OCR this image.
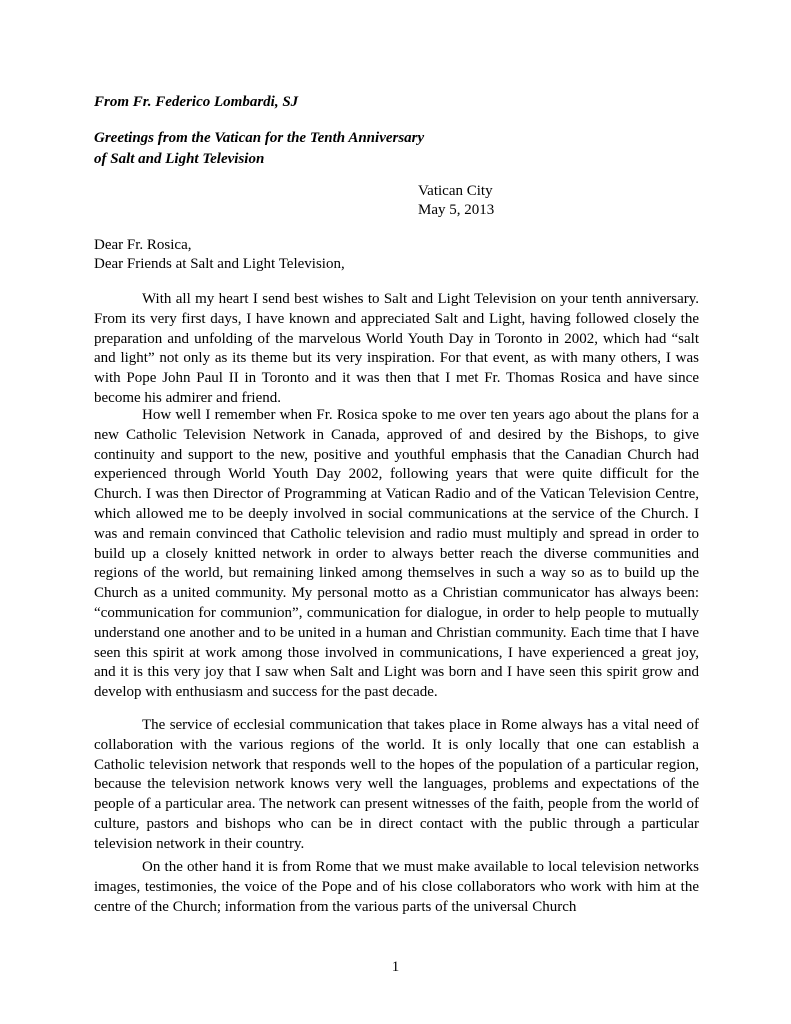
From Fr. Federico Lombardi, SJ
Greetings from the Vatican for the Tenth Anniversary
of Salt and Light Television
Vatican City
May 5, 2013
Dear Fr. Rosica,
Dear Friends at Salt and Light Television,

With all my heart I send best wishes to Salt and Light Television on your tenth anniversary. From its very first days, I have known and appreciated Salt and Light, having followed closely the preparation and unfolding of the marvelous World Youth Day in Toronto in 2002, which had “salt and light” not only as its theme but its very inspiration. For that event, as with many others, I was with Pope John Paul II in Toronto and it was then that I met Fr. Thomas Rosica and have since become his admirer and friend.

How well I remember when Fr. Rosica spoke to me over ten years ago about the plans for a new Catholic Television Network in Canada, approved of and desired by the Bishops, to give continuity and support to the new, positive and youthful emphasis that the Canadian Church had experienced through World Youth Day 2002, following years that were quite difficult for the Church. I was then Director of Programming at Vatican Radio and of the Vatican Television Centre, which allowed me to be deeply involved in social communications at the service of the Church. I was and remain convinced that Catholic television and radio must multiply and spread in order to build up a closely knitted network in order to always better reach the diverse communities and regions of the world, but remaining linked among themselves in such a way so as to build up the Church as a united community. My personal motto as a Christian communicator has always been: “communication for communion”, communication for dialogue, in order to help people to mutually understand one another and to be united in a human and Christian community. Each time that I have seen this spirit at work among those involved in communications, I have experienced a great joy, and it is this very joy that I saw when Salt and Light was born and I have seen this spirit grow and develop with enthusiasm and success for the past decade.

The service of ecclesial communication that takes place in Rome always has a vital need of collaboration with the various regions of the world. It is only locally that one can establish a Catholic television network that responds well to the hopes of the population of a particular region, because the television network knows very well the languages, problems and expectations of the people of a particular area. The network can present witnesses of the faith, people from the world of culture, pastors and bishops who can be in direct contact with the public through a particular television network in their country.

On the other hand it is from Rome that we must make available to local television networks images, testimonies, the voice of the Pope and of his close collaborators who work with him at the centre of the Church; information from the various parts of the universal Church

1
